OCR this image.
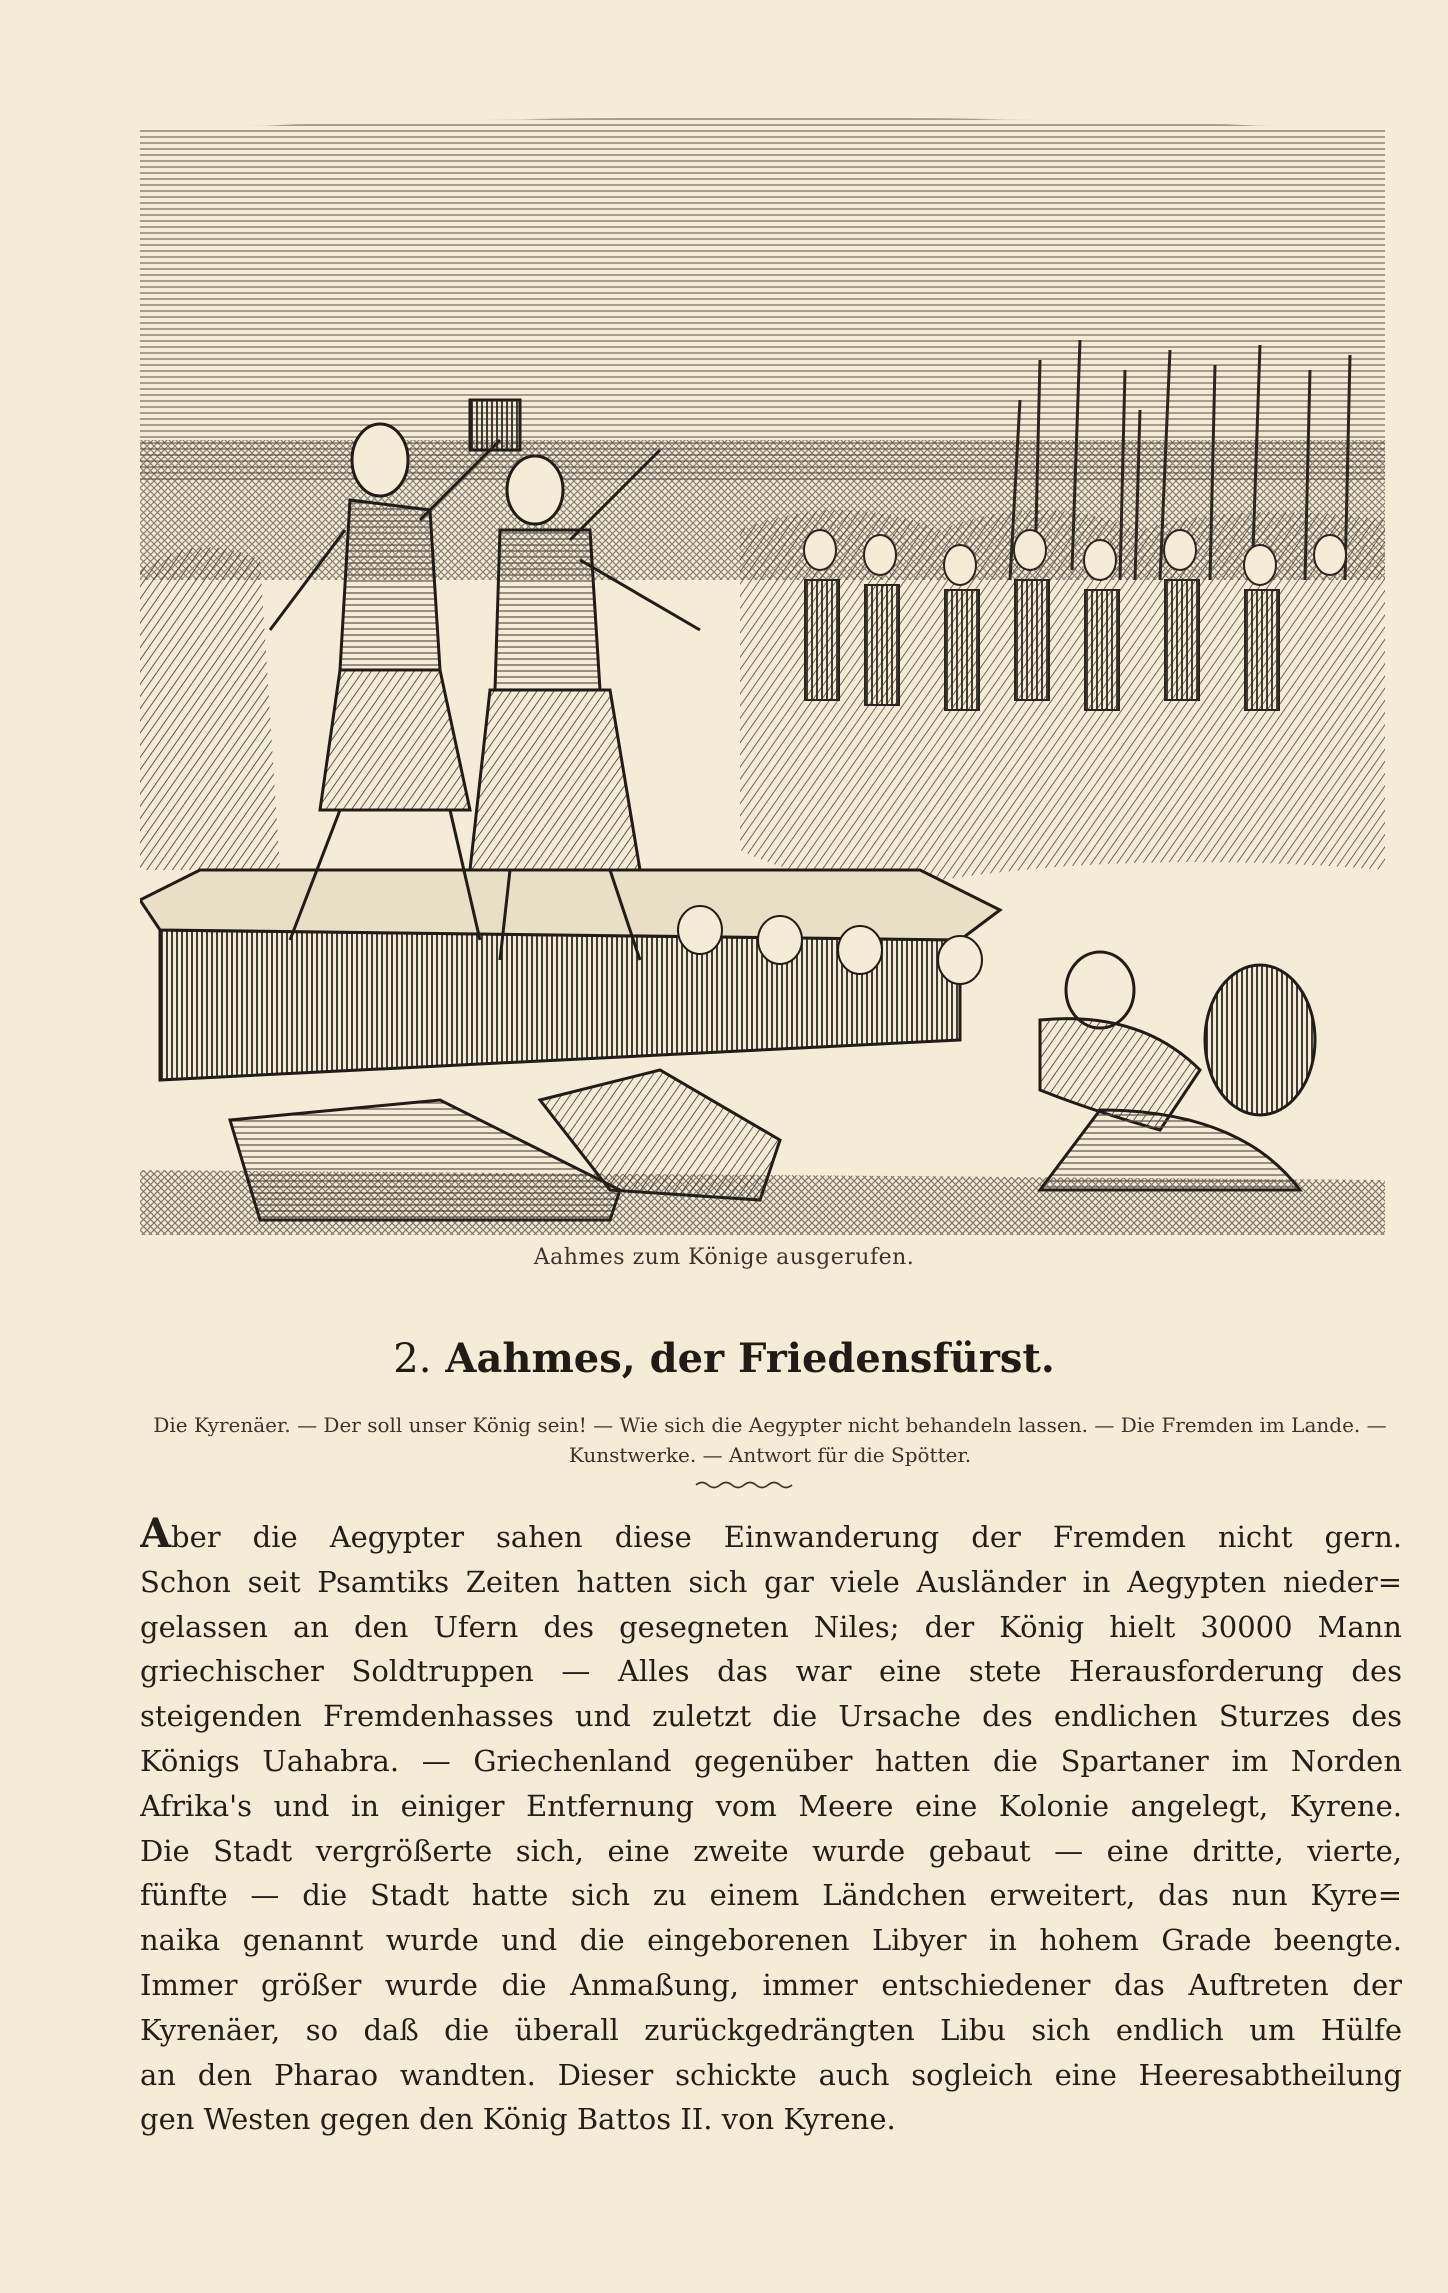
Aahmes zum Könige ausgerufen.
2. Aahmes, der Friedensfürst.
Die Kyrenäer. — Der soll unser König sein! — Wie sich die Aegypter nicht behandeln lassen. — Die Fremden im Lande. — Kunstwerke. — Antwort für die Spötter.
Aber die Aegypter sahen diese Einwanderung der Fremden nicht gern.
Schon seit Psamtiks Zeiten hatten sich gar viele Ausländer in Aegypten nieder=
gelassen an den Ufern des gesegneten Niles; der König hielt 30000 Mann
griechischer Soldtruppen — Alles das war eine stete Herausforderung des
steigenden Fremdenhasses und zuletzt die Ursache des endlichen Sturzes des
Königs Uahabra. — Griechenland gegenüber hatten die Spartaner im Norden
Afrika's und in einiger Entfernung vom Meere eine Kolonie angelegt, Kyrene.
Die Stadt vergrößerte sich, eine zweite wurde gebaut — eine dritte, vierte,
fünfte — die Stadt hatte sich zu einem Ländchen erweitert, das nun Kyre=
naika genannt wurde und die eingeborenen Libyer in hohem Grade beengte.
Immer größer wurde die Anmaßung, immer entschiedener das Auftreten der
Kyrenäer, so daß die überall zurückgedrängten Libu sich endlich um Hülfe
an den Pharao wandten. Dieser schickte auch sogleich eine Heeresabtheilung
gen Westen gegen den König Battos II. von Kyrene.
